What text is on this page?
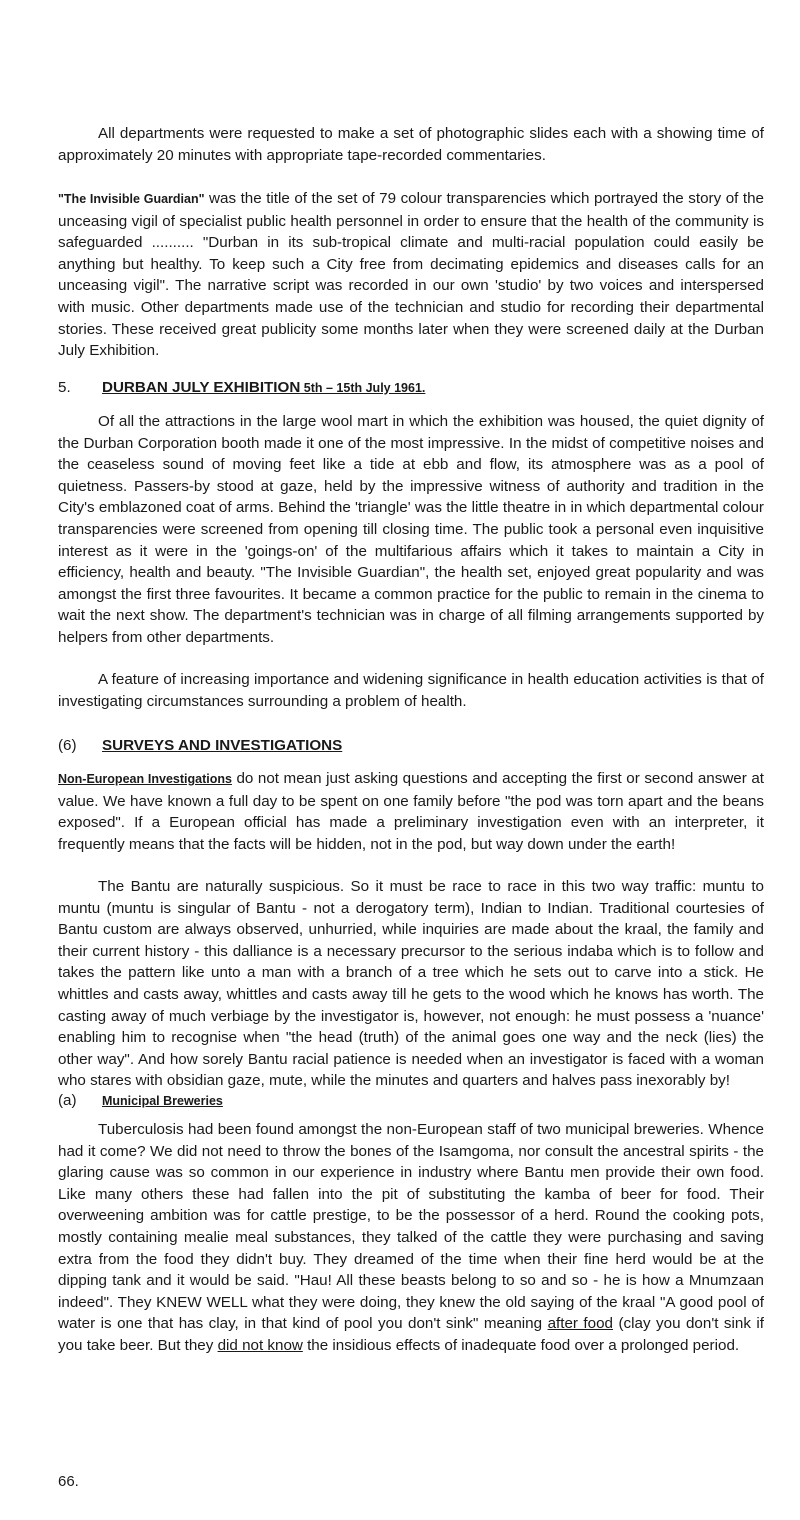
All departments were requested to make a set of photographic slides each with a showing time of approximately 20 minutes with appropriate tape-recorded commentaries.

"The Invisible Guardian" was the title of the set of 79 colour transparencies which portrayed the story of the unceasing vigil of specialist public health personnel in order to ensure that the health of the community is safeguarded .......... "Durban in its sub-tropical climate and multi-racial population could easily be anything but healthy. To keep such a City free from decimating epidemics and diseases calls for an unceasing vigil". The narrative script was recorded in our own 'studio' by two voices and interspersed with music. Other departments made use of the technician and studio for recording their departmental stories. These received great publicity some months later when they were screened daily at the Durban July Exhibition.

5. DURBAN JULY EXHIBITION 5th – 15th July 1961.

Of all the attractions in the large wool mart in which the exhibition was housed, the quiet dignity of the Durban Corporation booth made it one of the most impressive. In the midst of competitive noises and the ceaseless sound of moving feet like a tide at ebb and flow, its atmosphere was as a pool of quietness. Passers-by stood at gaze, held by the impressive witness of authority and tradition in the City's emblazoned coat of arms. Behind the 'triangle' was the little theatre in in which departmental colour transparencies were screened from opening till closing time. The public took a personal even inquisitive interest as it were in the 'goings-on' of the multifarious affairs which it takes to maintain a City in efficiency, health and beauty. "The Invisible Guardian", the health set, enjoyed great popularity and was amongst the first three favourites. It became a common practice for the public to remain in the cinema to wait the next show. The department's technician was in charge of all filming arrangements supported by helpers from other departments.

A feature of increasing importance and widening significance in health education activities is that of investigating circumstances surrounding a problem of health.

(6) SURVEYS AND INVESTIGATIONS

Non-European Investigations do not mean just asking questions and accepting the first or second answer at value. We have known a full day to be spent on one family before "the pod was torn apart and the beans exposed". If a European official has made a preliminary investigation even with an interpreter, it frequently means that the facts will be hidden, not in the pod, but way down under the earth!

The Bantu are naturally suspicious. So it must be race to race in this two way traffic: muntu to muntu (muntu is singular of Bantu - not a derogatory term), Indian to Indian. Traditional courtesies of Bantu custom are always observed, unhurried, while inquiries are made about the kraal, the family and their current history - this dalliance is a necessary precursor to the serious indaba which is to follow and takes the pattern like unto a man with a branch of a tree which he sets out to carve into a stick. He whittles and casts away, whittles and casts away till he gets to the wood which he knows has worth. The casting away of much verbiage by the investigator is, however, not enough: he must possess a 'nuance' enabling him to recognise when "the head (truth) of the animal goes one way and the neck (lies) the other way". And how sorely Bantu racial patience is needed when an investigator is faced with a woman who stares with obsidian gaze, mute, while the minutes and quarters and halves pass inexorably by!

(a) Municipal Breweries

Tuberculosis had been found amongst the non-European staff of two municipal breweries. Whence had it come? We did not need to throw the bones of the Isamgoma, nor consult the ancestral spirits - the glaring cause was so common in our experience in industry where Bantu men provide their own food. Like many others these had fallen into the pit of substituting the kamba of beer for food. Their overweening ambition was for cattle prestige, to be the possessor of a herd. Round the cooking pots, mostly containing mealie meal substances, they talked of the cattle they were purchasing and saving extra from the food they didn't buy. They dreamed of the time when their fine herd would be at the dipping tank and it would be said. "Hau! All these beasts belong to so and so - he is how a Mnumzaan indeed". They KNEW WELL what they were doing, they knew the old saying of the kraal "A good pool of water is one that has clay, in that kind of pool you don't sink" meaning after food (clay you don't sink if you take beer. But they did not know the insidious effects of inadequate food over a prolonged period.

66.
